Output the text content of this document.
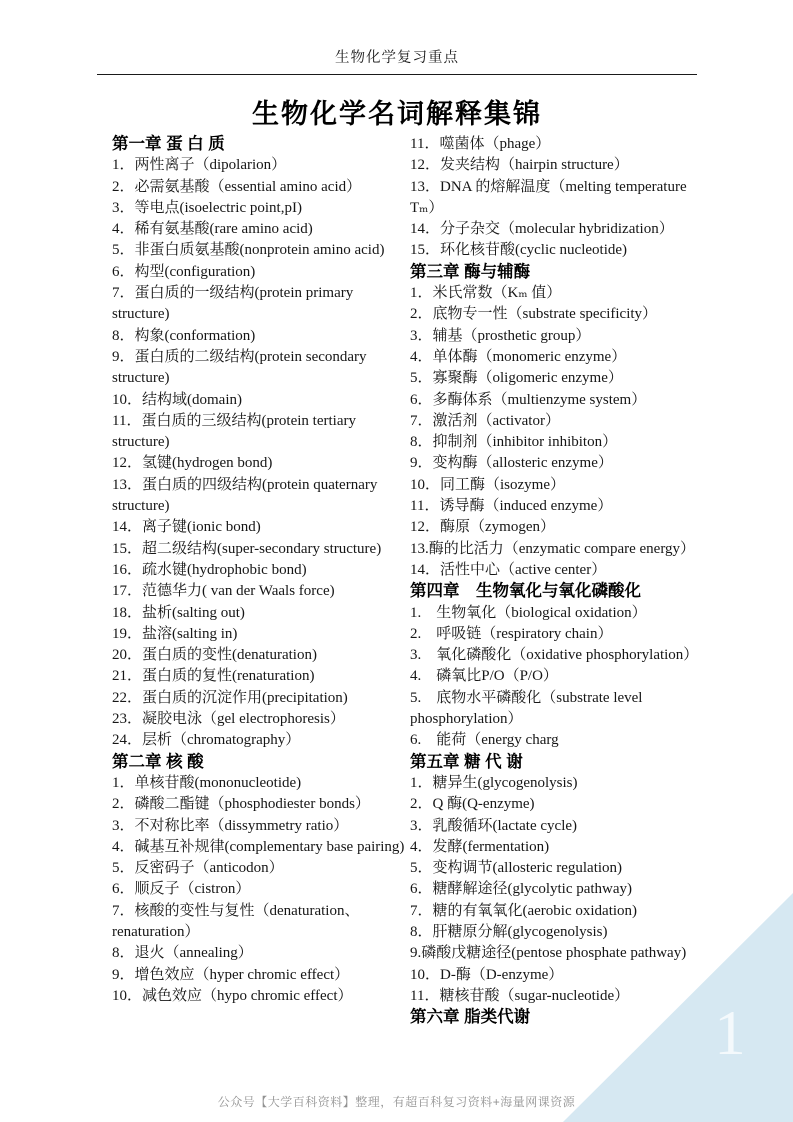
生物化学复习重点
生物化学名词解释集锦

第一章 蛋 白 质

1．两性离子（dipolarion）

2．必需氨基酸（essential amino acid）

3．等电点(isoelectric point,pI)

4．稀有氨基酸(rare amino acid)

5．非蛋白质氨基酸(nonprotein amino acid)

6．构型(configuration)

7．蛋白质的一级结构(protein primary structure)

8．构象(conformation)

9．蛋白质的二级结构(protein secondary structure)

10．结构域(domain)

11．蛋白质的三级结构(protein tertiary structure)

12．氢键(hydrogen bond)

13．蛋白质的四级结构(protein quaternary structure)

14．离子键(ionic bond)

15．超二级结构(super-secondary structure)

16．疏水键(hydrophobic bond)

17．范德华力( van der Waals force)

18．盐析(salting out)

19．盐溶(salting in)

20．蛋白质的变性(denaturation)

21．蛋白质的复性(renaturation)

22．蛋白质的沉淀作用(precipitation)

23．凝胶电泳（gel electrophoresis）

24．层析（chromatography）

第二章 核 酸

1．单核苷酸(mononucleotide)

2．磷酸二酯键（phosphodiester bonds）

3．不对称比率（dissymmetry ratio）

4．碱基互补规律(complementary base pairing)

5．反密码子（anticodon）

6．顺反子（cistron）

7．核酸的变性与复性（denaturation、renaturation）

8．退火（annealing）

9．增色效应（hyper chromic effect）

10．减色效应（hypo chromic effect）

11．噬菌体（phage）

12．发夹结构（hairpin structure）

13．DNA 的熔解温度（melting temperature Tₘ）

14．分子杂交（molecular hybridization）

15．环化核苷酸(cyclic nucleotide)

第三章 酶与辅酶

1．米氏常数（Kₘ 值）

2．底物专一性（substrate specificity）

3．辅基（prosthetic group）

4．单体酶（monomeric enzyme）

5．寡聚酶（oligomeric enzyme）

6．多酶体系（multienzyme system）

7．激活剂（activator）

8．抑制剂（inhibitor inhibiton）

9．变构酶（allosteric enzyme）

10．同工酶（isozyme）

11．诱导酶（induced enzyme）

12．酶原（zymogen）

13.酶的比活力（enzymatic compare energy）

14．活性中心（active center）

第四章　生物氧化与氧化磷酸化

1.　生物氧化（biological oxidation）

2.　呼吸链（respiratory chain）

3.　氧化磷酸化（oxidative phosphorylation）

4.　磷氧比P/O（P/O）

5.　底物水平磷酸化（substrate level phosphorylation）

6.　能荷（energy charg

第五章 糖 代 谢

1．糖异生(glycogenolysis)

2．Q 酶(Q-enzyme)

3．乳酸循环(lactate cycle)

4．发酵(fermentation)

5．变构调节(allosteric regulation)

6．糖酵解途径(glycolytic pathway)

7．糖的有氧氧化(aerobic oxidation)

8．肝糖原分解(glycogenolysis)

9.磷酸戊糖途径(pentose phosphate pathway)

10．D-酶（D-enzyme）

11．糖核苷酸（sugar-nucleotide）

第六章 脂类代谢	1
公众号【大学百科资料】整理，有超百科复习资料+海量网课资源
